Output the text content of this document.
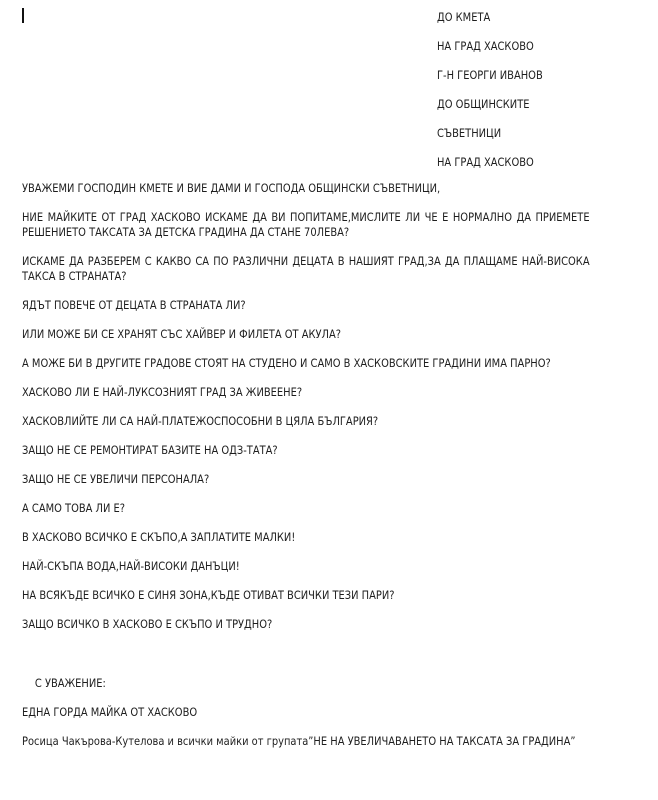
ДО КМЕТА
НА ГРАД ХАСКОВО
Г-Н ГЕОРГИ ИВАНОВ
ДО ОБЩИНСКИТЕ
СЪВЕТНИЦИ
НА ГРАД ХАСКОВО

УВАЖЕМИ ГОСПОДИН КМЕТЕ И ВИЕ ДАМИ И ГОСПОДА ОБЩИНСКИ СЪВЕТНИЦИ,

НИЕ МАЙКИТЕ ОТ ГРАД ХАСКОВО ИСКАМЕ ДА ВИ ПОПИТАМЕ,МИСЛИТЕ ЛИ ЧЕ Е НОРМАЛНО ДА ПРИЕМЕТЕ РЕШЕНИЕТО ТАКСАТА ЗА ДЕТСКА ГРАДИНА ДА СТАНЕ 70ЛЕВА?

ИСКАМЕ ДА РАЗБЕРЕМ С КАКВО СА ПО РАЗЛИЧНИ ДЕЦАТА В НАШИЯТ ГРАД,ЗА ДА ПЛАЩАМЕ НАЙ-ВИСОКА ТАКСА В СТРАНАТА?

ЯДЪТ ПОВЕЧЕ ОТ ДЕЦАТА В СТРАНАТА ЛИ?

ИЛИ МОЖЕ БИ СЕ ХРАНЯТ СЪС ХАЙВЕР И ФИЛЕТА ОТ АКУЛА?

А МОЖЕ БИ В ДРУГИТЕ ГРАДОВЕ СТОЯТ НА СТУДЕНО И САМО В ХАСКОВСКИТЕ ГРАДИНИ ИМА ПАРНО?

ХАСКОВО ЛИ Е НАЙ-ЛУКСОЗНИЯТ ГРАД ЗА ЖИВЕЕНЕ?

ХАСКОВЛИЙТЕ ЛИ СА НАЙ-ПЛАТЕЖОСПОСОБНИ В ЦЯЛА БЪЛГАРИЯ?

ЗАЩО НЕ СЕ РЕМОНТИРАТ БАЗИТЕ НА ОДЗ-ТАТА?

ЗАЩО НЕ СЕ УВЕЛИЧИ ПЕРСОНАЛА?

А САМО ТОВА ЛИ Е?

В ХАСКОВО ВСИЧКО Е СКЪПО,А ЗАПЛАТИТЕ МАЛКИ!

НАЙ-СКЪПА ВОДА,НАЙ-ВИСОКИ ДАНЪЦИ!

НА ВСЯКЪДЕ ВСИЧКО Е СИНЯ ЗОНА,КЪДЕ ОТИВАТ ВСИЧКИ ТЕЗИ ПАРИ?

ЗАЩО ВСИЧКО В ХАСКОВО Е СКЪПО И ТРУДНО?

С УВАЖЕНИЕ:

ЕДНА ГОРДА МАЙКА ОТ ХАСКОВО

Росица Чакърова-Кутелова и всички майки от групата”НЕ НА УВЕЛИЧАВАНЕТО НА ТАКСАТА ЗА ГРАДИНА”
